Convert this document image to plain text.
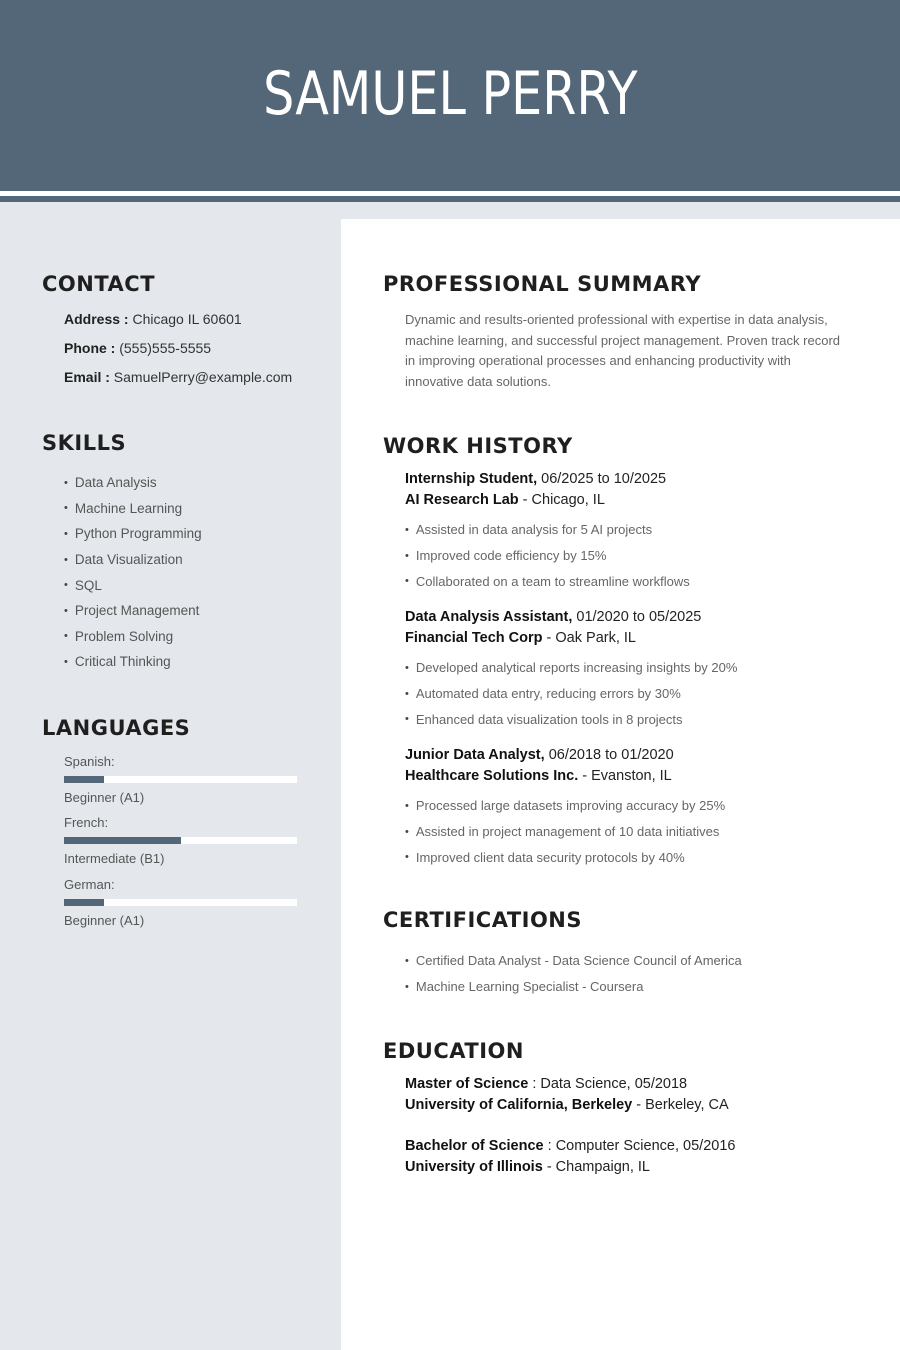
SAMUEL PERRY
CONTACT
Address : Chicago IL 60601
Phone : (555)555-5555
Email : SamuelPerry@example.com
SKILLS
• Data Analysis
• Machine Learning
• Python Programming
• Data Visualization
• SQL
• Project Management
• Problem Solving
• Critical Thinking
LANGUAGES
Spanish:
Beginner (A1)
French:
Intermediate (B1)
German:
Beginner (A1)
PROFESSIONAL SUMMARY
Dynamic and results-oriented professional with expertise in data analysis, machine learning, and successful project management. Proven track record in improving operational processes and enhancing productivity with innovative data solutions.
WORK HISTORY
Internship Student, 06/2025 to 10/2025
AI Research Lab - Chicago, IL
• Assisted in data analysis for 5 AI projects
• Improved code efficiency by 15%
• Collaborated on a team to streamline workflows
Data Analysis Assistant, 01/2020 to 05/2025
Financial Tech Corp - Oak Park, IL
• Developed analytical reports increasing insights by 20%
• Automated data entry, reducing errors by 30%
• Enhanced data visualization tools in 8 projects
Junior Data Analyst, 06/2018 to 01/2020
Healthcare Solutions Inc. - Evanston, IL
• Processed large datasets improving accuracy by 25%
• Assisted in project management of 10 data initiatives
• Improved client data security protocols by 40%
CERTIFICATIONS
• Certified Data Analyst - Data Science Council of America
• Machine Learning Specialist - Coursera
EDUCATION
Master of Science : Data Science, 05/2018
University of California, Berkeley - Berkeley, CA
Bachelor of Science : Computer Science, 05/2016
University of Illinois - Champaign, IL
